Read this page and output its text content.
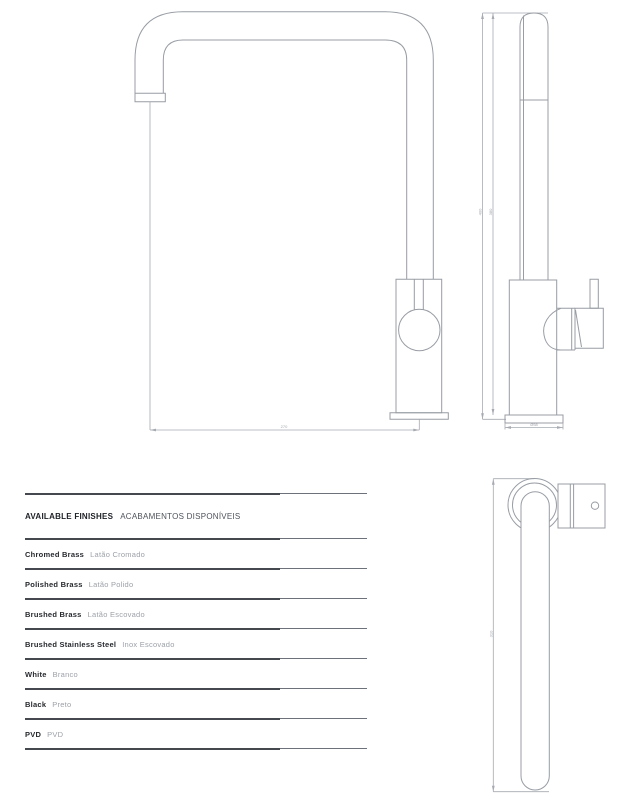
270
400 380
Ø58
310
AVAILABLE FINISHES ACABAMENTOS DISPONÍVEIS
Chromed Brass Latão Cromado
Polished Brass Latão Polido
Brushed Brass Latão Escovado
Brushed Stainless Steel Inox Escovado
White Branco
Black Preto
PVD PVD
